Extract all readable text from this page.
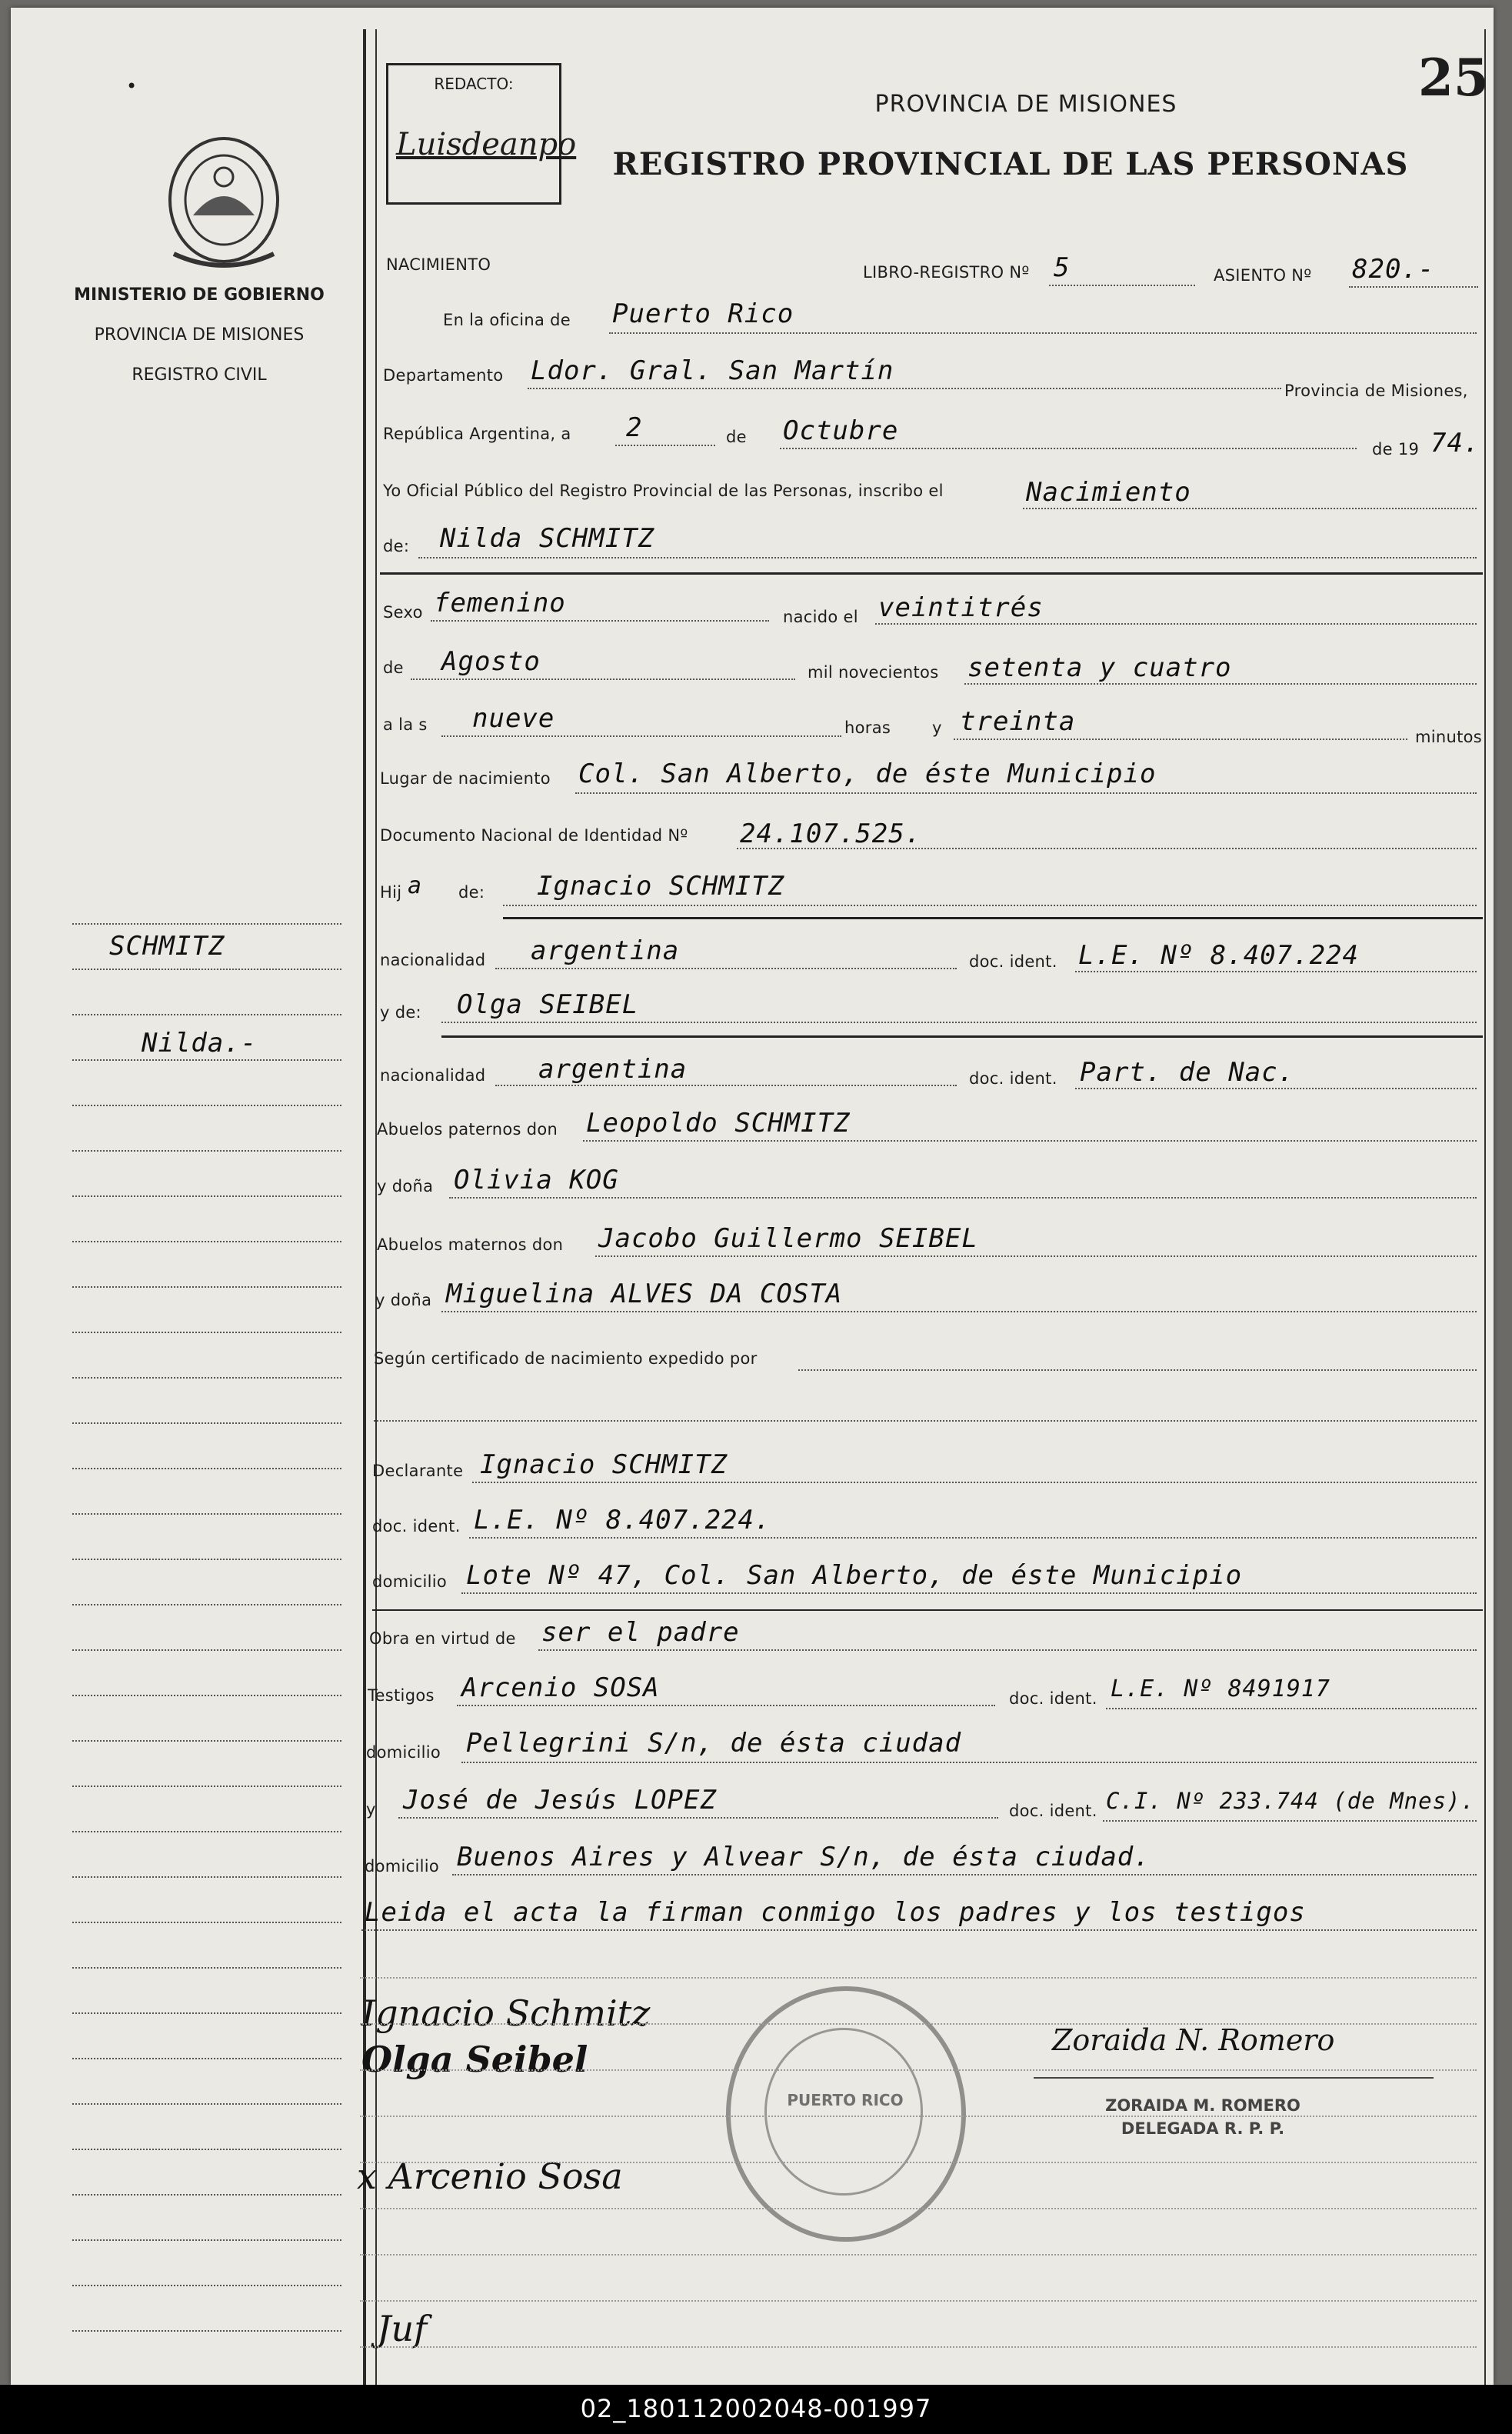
•
MINISTERIO DE GOBIERNO
PROVINCIA DE MISIONES
REGISTRO CIVIL
SCHMITZ
Nilda.-
REDACTO:
Luisdeanpo
PROVINCIA DE MISIONES
REGISTRO PROVINCIAL DE LAS PERSONAS
25
NACIMIENTO	LIBRO-REGISTRO Nº 5	ASIENTO Nº 820.-
En la oficina de Puerto Rico
Departamento Ldor. Gral. San Martín
Provincia de Misiones,
República Argentina, a 2	de Octubre
de 19 74.
Yo Oficial Público del Registro Provincial de las Personas, inscribo el	Nacimiento
de: Nilda SCHMITZ
Sexo femenino	nacido el veintitrés
de Agosto	mil novecientos setenta y cuatro
a la s nueve	horas	y treinta	minutos
Lugar de nacimiento Col. San Alberto, de éste Municipio
Documento Nacional de Identidad Nº 24.107.525.
Hij a de: Ignacio SCHMITZ
nacionalidad argentina	doc. ident. L.E. Nº 8.407.224
y de: Olga SEIBEL
nacionalidad argentina	doc. ident. Part. de Nac.
Abuelos paternos don Leopoldo SCHMITZ
y doña Olivia KOG
Abuelos maternos don Jacobo Guillermo SEIBEL
y doña Miguelina ALVES DA COSTA
Según certificado de nacimiento expedido por
Declarante Ignacio SCHMITZ
doc. ident. L.E. Nº 8.407.224.
domicilio Lote Nº 47, Col. San Alberto, de éste Municipio
Obra en virtud de ser el padre
Testigos Arcenio SOSA	doc. ident. L.E. Nº 8491917
domicilio Pellegrini S/n, de ésta ciudad
y José de Jesús LOPEZ	doc. ident. C.I. Nº 233.744 (de Mnes).
domicilio Buenos Aires y Alvear S/n, de ésta ciudad.
Leida el acta la firman conmigo los padres y los testigos
Ignacio Schmitz
Olga Seibel
x Arcenio Sosa
Juf
Zoraida N. Romero
ZORAIDA M. ROMERO
DELEGADA R. P. P.
PUERTO RICO
02_180112002048-001997
